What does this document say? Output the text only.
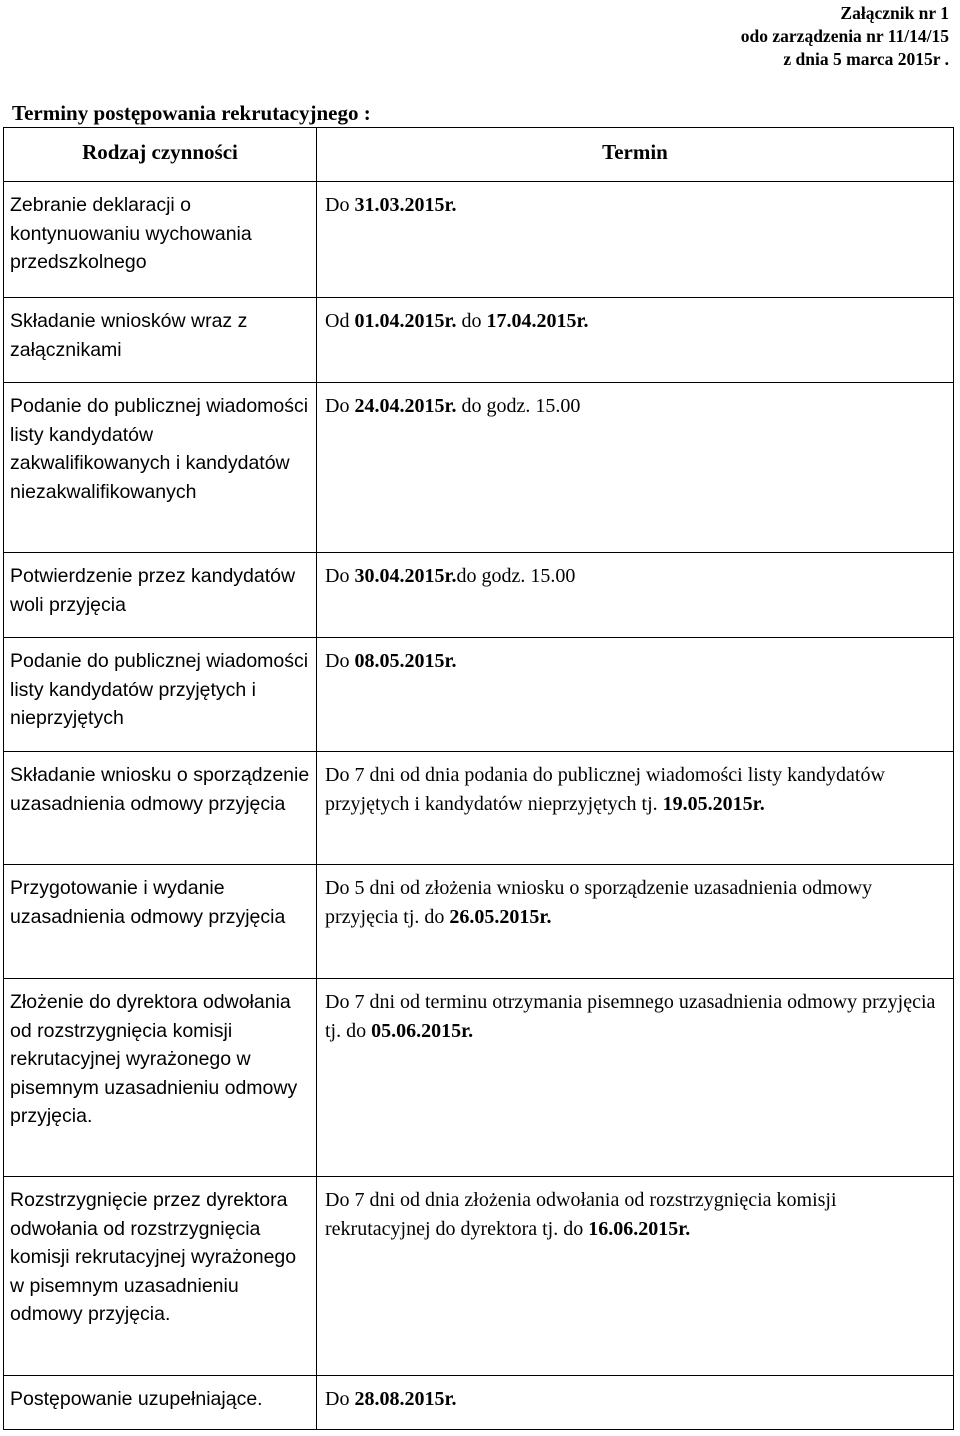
Załącznik nr 1
odo zarządzenia nr 11/14/15
z dnia 5 marca 2015r .
Terminy postępowania rekrutacyjnego :
Rodzaj czynności	Termin
Zebranie deklaracji o kontynuowaniu wychowania przedszkolnego	Do 31.03.2015r.
Składanie wniosków wraz z załącznikami	Od 01.04.2015r. do 17.04.2015r.
Podanie do publicznej wiadomości listy kandydatów zakwalifikowanych i kandydatów niezakwalifikowanych	Do 24.04.2015r. do godz. 15.00
Potwierdzenie przez kandydatów woli przyjęcia	Do 30.04.2015r.do godz. 15.00
Podanie do publicznej wiadomości listy kandydatów przyjętych i nieprzyjętych	Do 08.05.2015r.
Składanie wniosku o sporządzenie uzasadnienia odmowy przyjęcia	Do 7 dni od dnia podania do publicznej wiadomości listy kandydatów przyjętych i kandydatów nieprzyjętych tj. 19.05.2015r.
Przygotowanie i wydanie uzasadnienia odmowy przyjęcia	Do 5 dni od złożenia wniosku o sporządzenie uzasadnienia odmowy przyjęcia tj. do 26.05.2015r.
Złożenie do dyrektora odwołania od rozstrzygnięcia komisji rekrutacyjnej wyrażonego w pisemnym uzasadnieniu odmowy przyjęcia.	Do 7 dni od terminu otrzymania pisemnego uzasadnienia odmowy przyjęcia tj. do 05.06.2015r.
Rozstrzygnięcie przez dyrektora odwołania od rozstrzygnięcia komisji rekrutacyjnej wyrażonego w pisemnym uzasadnieniu odmowy przyjęcia.	Do 7 dni od dnia złożenia odwołania od rozstrzygnięcia komisji rekrutacyjnej do dyrektora tj. do 16.06.2015r.
Postępowanie uzupełniające.	Do 28.08.2015r.
